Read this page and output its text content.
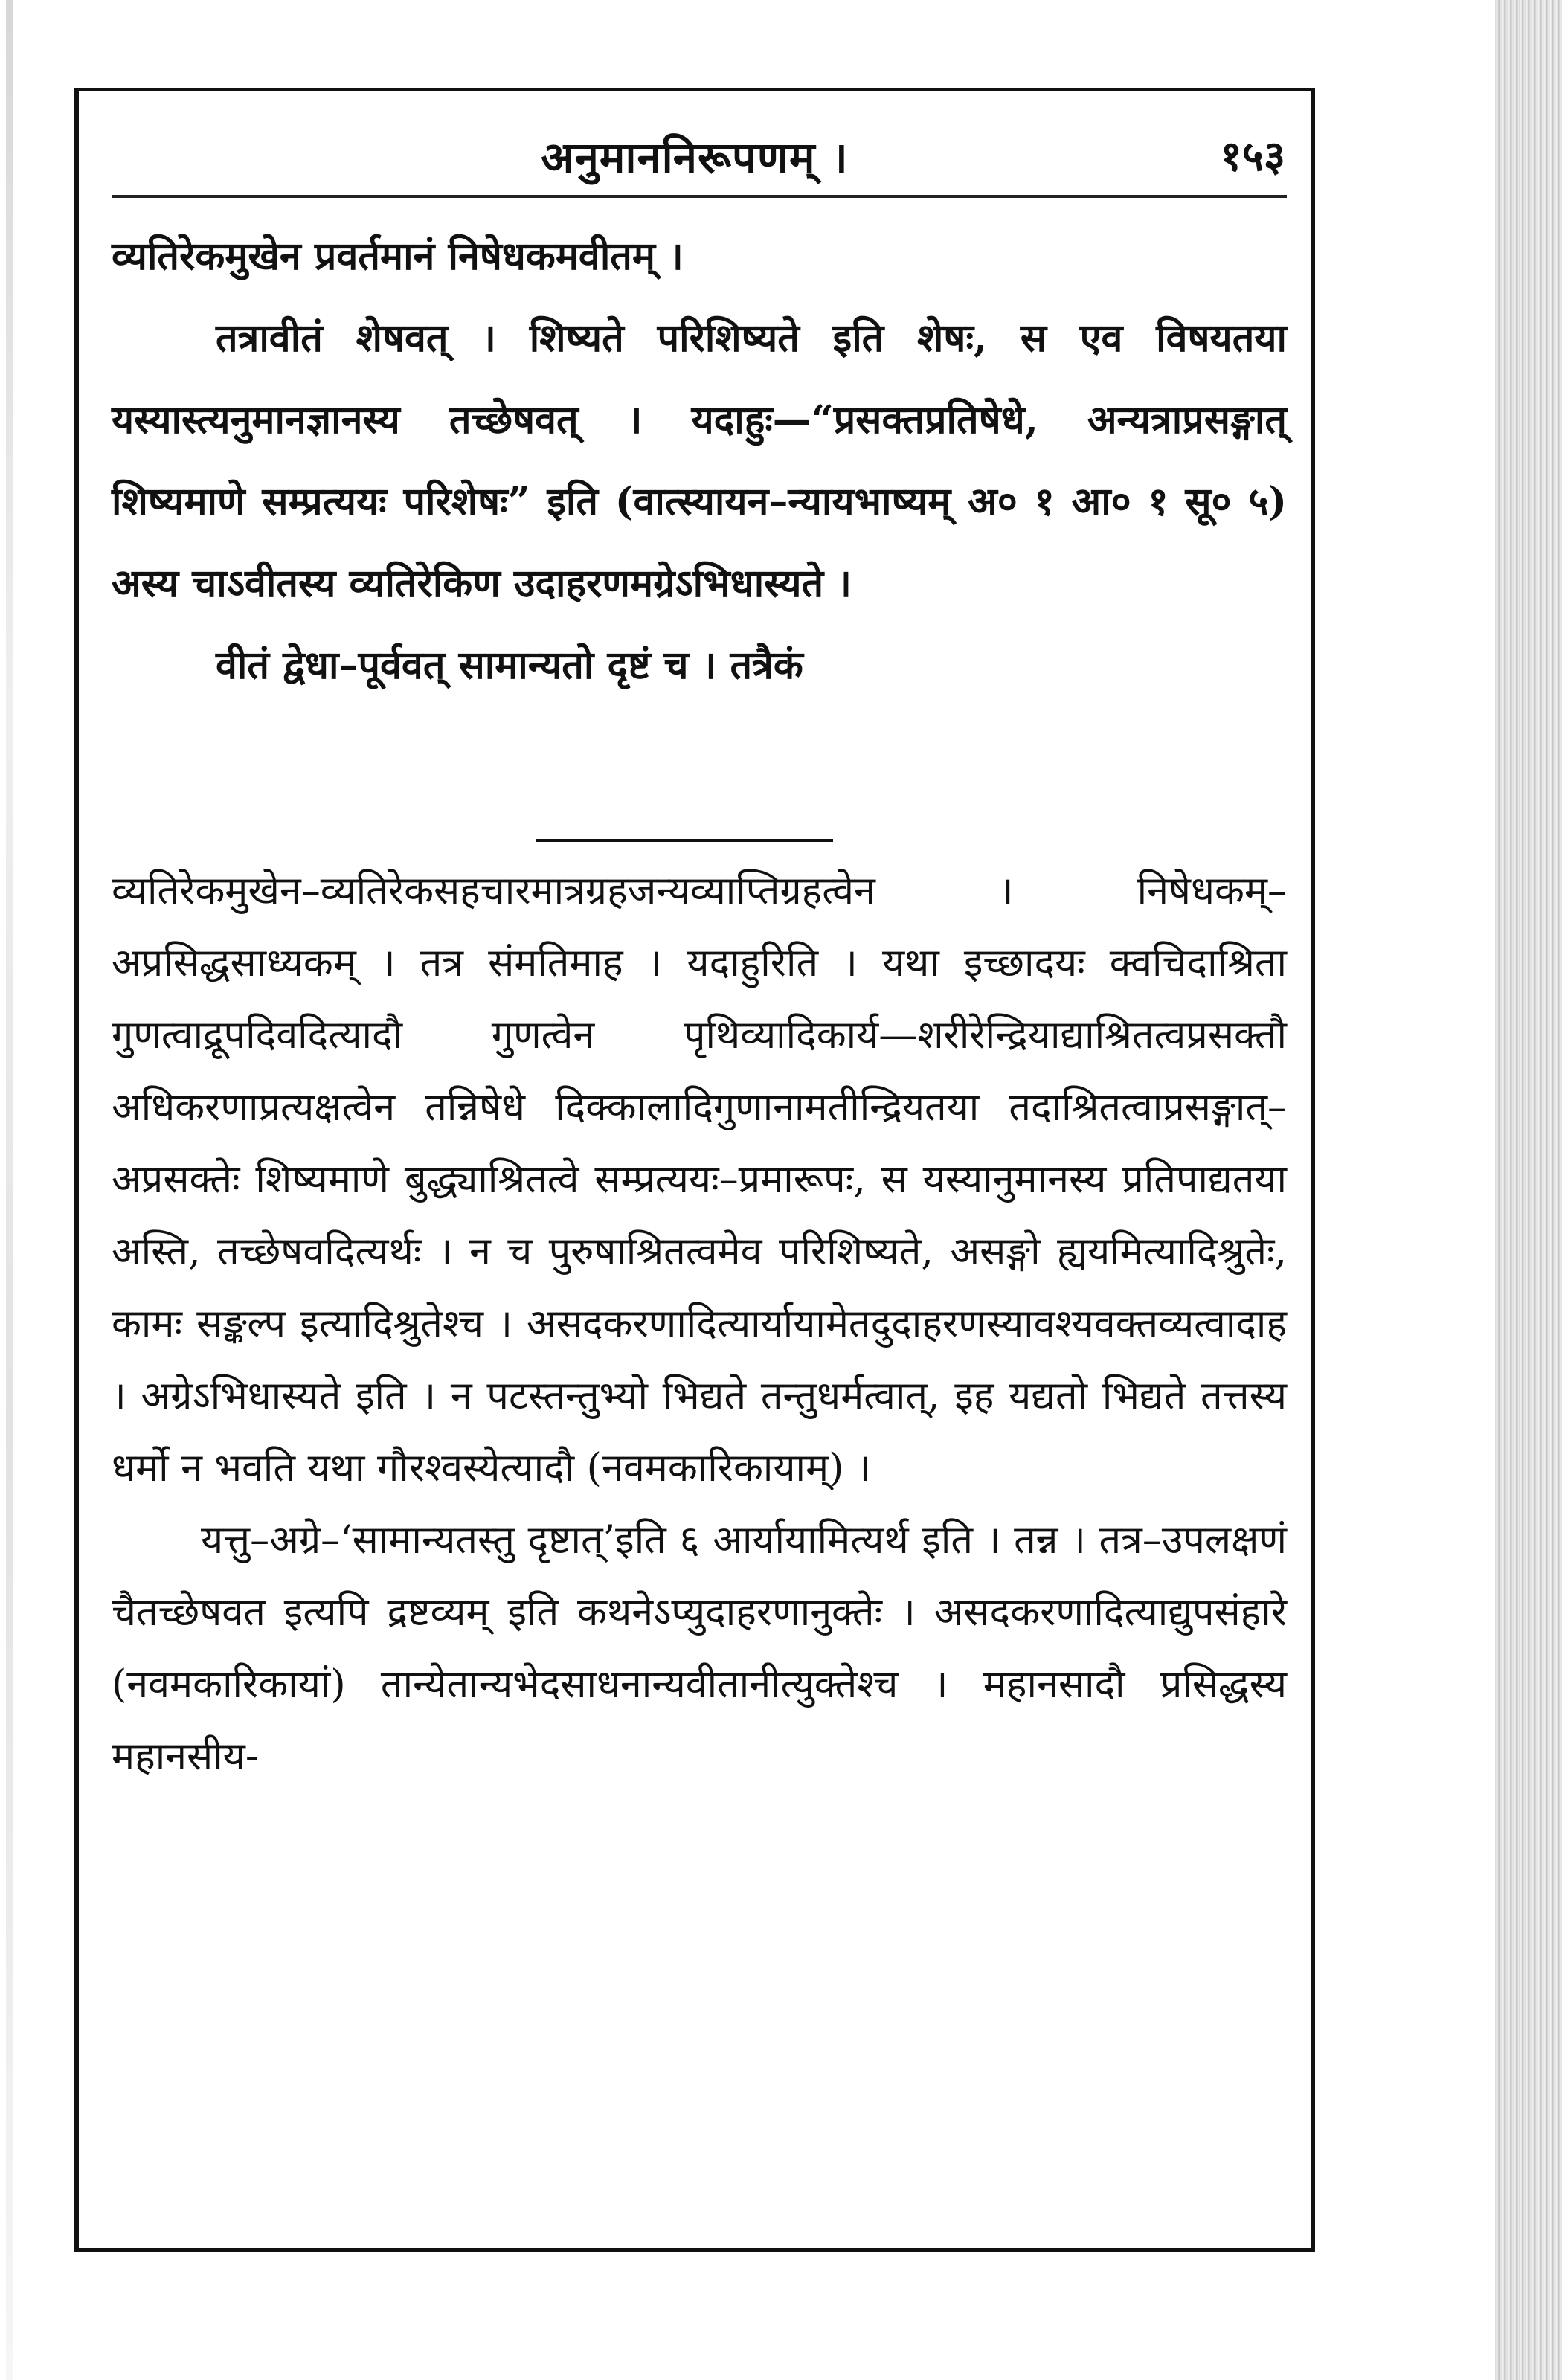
अनुमाननिरूपणम् ।	१५३

व्यतिरेकमुखेन प्रवर्तमानं निषेधकमवीतम् ।

तत्रावीतं शेषवत् । शिष्यते परिशिष्यते इति शेषः, स एव विषयतया यस्यास्त्यनुमानज्ञानस्य तच्छेषवत् । यदाहुः—“प्रसक्तप्रतिषेधे, अन्यत्राप्रसङ्गात् शिष्यमाणे सम्प्रत्ययः परिशेषः” इति (वात्स्यायन–न्यायभाष्यम् अ० १ आ० १ सू० ५) अस्य चाऽवीतस्य व्यतिरेकिण उदाहरणमग्रेऽभिधास्यते ।

वीतं द्वेधा–पूर्ववत् सामान्यतो दृष्टं च । तत्रैकं

व्यतिरेकमुखेन–व्यतिरेकसहचारमात्रग्रहजन्यव्याप्तिग्रहत्वेन । निषेधकम्–अप्रसिद्धसाध्यकम् । तत्र संमतिमाह । यदाहुरिति । यथा इच्छादयः क्वचिदाश्रिता गुणत्वाद्रूपदिवदित्यादौ गुणत्वेन पृथिव्यादिकार्य—शरीरेन्द्रियाद्याश्रितत्वप्रसक्तौ अधिकरणाप्रत्यक्षत्वेन तन्निषेधे दिक्कालादिगुणानामतीन्द्रियतया तदाश्रितत्वाप्रसङ्गात्–अप्रसक्तेः शिष्यमाणे बुद्ध्याश्रितत्वे सम्प्रत्ययः–प्रमारूपः, स यस्यानुमानस्य प्रतिपाद्यतया अस्ति, तच्छेषवदित्यर्थः । न च पुरुषाश्रितत्वमेव परिशिष्यते, असङ्गो ह्ययमित्यादिश्रुतेः, कामः सङ्कल्प इत्यादिश्रुतेश्च । असदकरणादित्यार्यायामेतदुदाहरणस्यावश्यवक्तव्यत्वादाह । अग्रेऽभिधास्यते इति । न पटस्तन्तुभ्यो भिद्यते तन्तुधर्मत्वात्, इह यद्यतो भिद्यते तत्तस्य धर्मो न भवति यथा गौरश्वस्येत्यादौ (नवमकारिकायाम्) ।

यत्तु–अग्रे–‘सामान्यतस्तु दृष्टात्’इति ६ आर्यायामित्यर्थ इति । तन्न । तत्र–उपलक्षणं चैतच्छेषवत इत्यपि द्रष्टव्यम् इति कथनेऽप्युदाहरणानुक्तेः । असदकरणादित्याद्युपसंहारे (नवमकारिकायां) तान्येतान्यभेदसाधनान्यवीतानीत्युक्तेश्च । महानसादौ प्रसिद्धस्य महानसीय-
